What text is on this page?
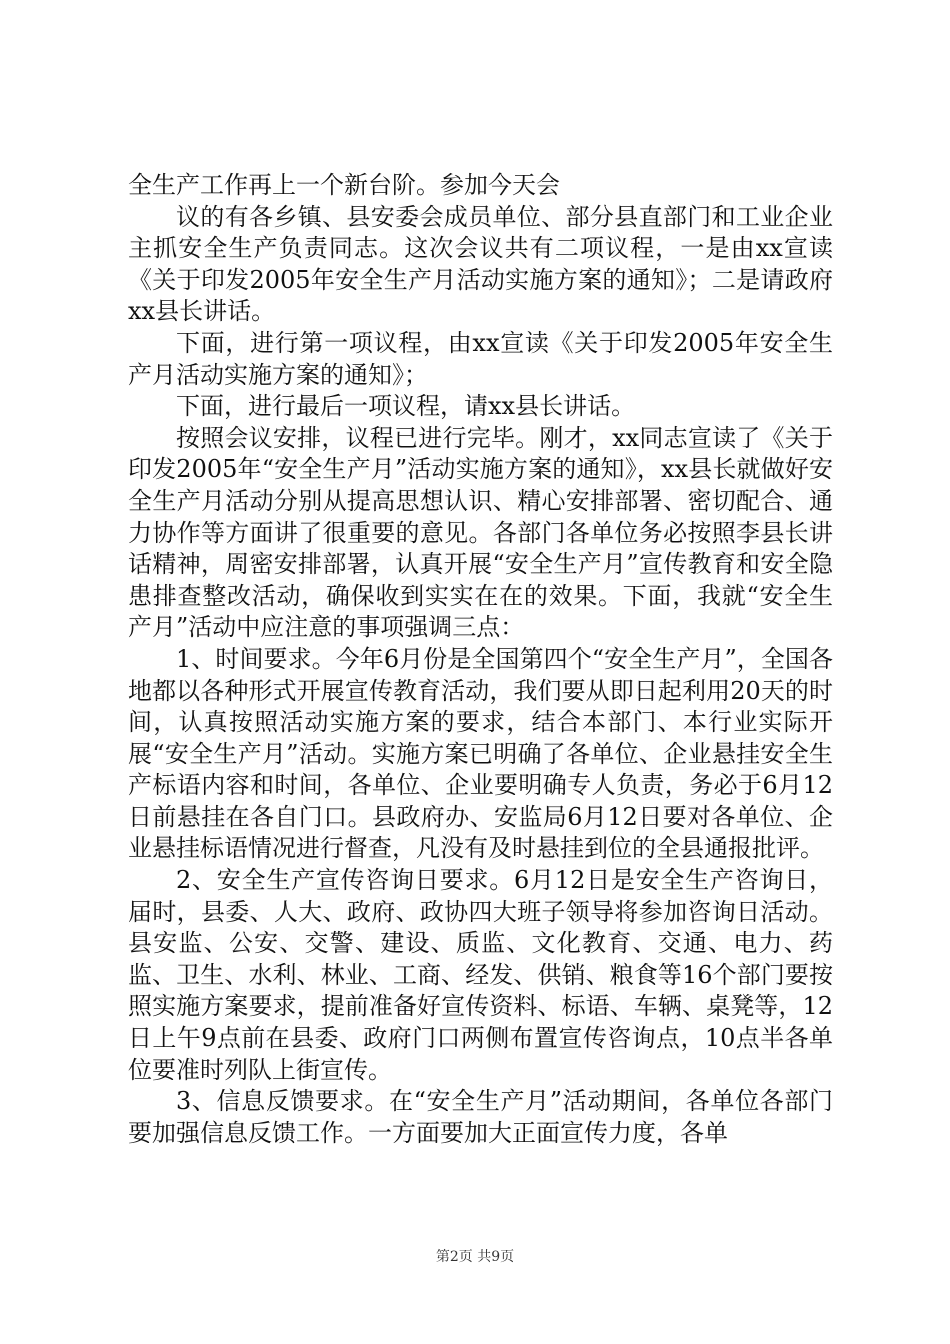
全生产工作再上一个新台阶。参加今天会

议的有各乡镇、县安委会成员单位、部分县直部门和工业企业主抓安全生产负责同志。这次会议共有二项议程，一是由xx宣读《关于印发2005年安全生产月活动实施方案的通知》；二是请政府xx县长讲话。

下面，进行第一项议程，由xx宣读《关于印发2005年安全生产月活动实施方案的通知》；

下面，进行最后一项议程，请xx县长讲话。

按照会议安排，议程已进行完毕。刚才，xx同志宣读了《关于印发2005年“安全生产月”活动实施方案的通知》，xx县长就做好安全生产月活动分别从提高思想认识、精心安排部署、密切配合、通力协作等方面讲了很重要的意见。各部门各单位务必按照李县长讲话精神，周密安排部署，认真开展“安全生产月”宣传教育和安全隐患排查整改活动，确保收到实实在在的效果。下面，我就“安全生产月”活动中应注意的事项强调三点：

1、时间要求。今年6月份是全国第四个“安全生产月”，全国各地都以各种形式开展宣传教育活动，我们要从即日起利用20天的时间，认真按照活动实施方案的要求，结合本部门、本行业实际开展“安全生产月”活动。实施方案已明确了各单位、企业悬挂安全生产标语内容和时间，各单位、企业要明确专人负责，务必于6月12日前悬挂在各自门口。县政府办、安监局6月12日要对各单位、企业悬挂标语情况进行督查，凡没有及时悬挂到位的全县通报批评。

2、安全生产宣传咨询日要求。6月12日是安全生产咨询日，届时，县委、人大、政府、政协四大班子领导将参加咨询日活动。县安监、公安、交警、建设、质监、文化教育、交通、电力、药监、卫生、水利、林业、工商、经发、供销、粮食等16个部门要按照实施方案要求，提前准备好宣传资料、标语、车辆、桌凳等，12日上午9点前在县委、政府门口两侧布置宣传咨询点，10点半各单位要准时列队上街宣传。

3、信息反馈要求。在“安全生产月”活动期间，各单位各部门要加强信息反馈工作。一方面要加大正面宣传力度，各单

第2页 共9页
